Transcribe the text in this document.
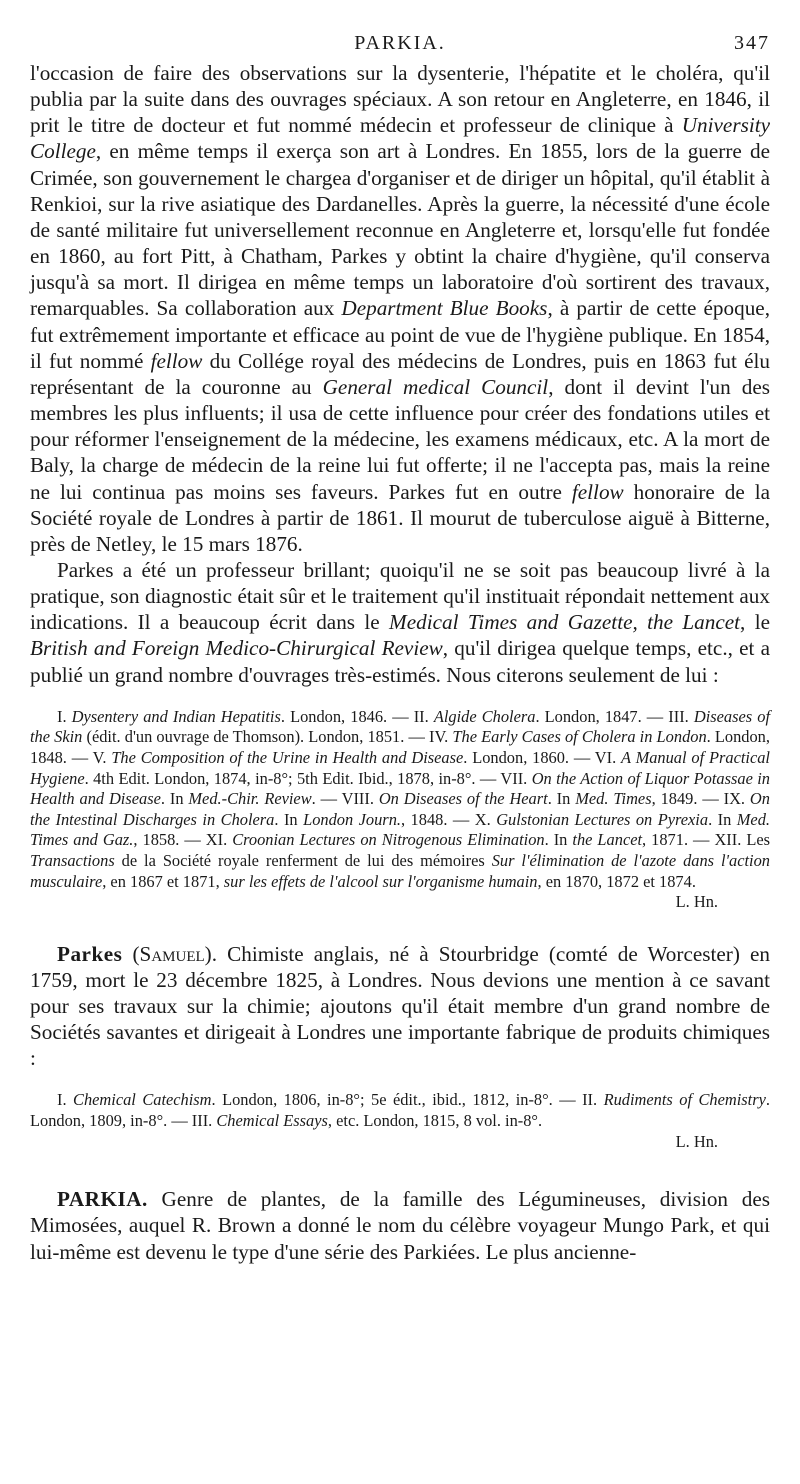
PARKIA.	347

l'occasion de faire des observations sur la dysenterie, l'hépatite et le choléra, qu'il publia par la suite dans des ouvrages spéciaux. A son retour en Angleterre, en 1846, il prit le titre de docteur et fut nommé médecin et professeur de clinique à University College, en même temps il exerça son art à Londres. En 1855, lors de la guerre de Crimée, son gouvernement le chargea d'organiser et de diriger un hôpital, qu'il établit à Renkioi, sur la rive asiatique des Dardanelles. Après la guerre, la nécessité d'une école de santé militaire fut universellement reconnue en Angleterre et, lorsqu'elle fut fondée en 1860, au fort Pitt, à Chatham, Parkes y obtint la chaire d'hygiène, qu'il conserva jusqu'à sa mort. Il dirigea en même temps un laboratoire d'où sortirent des travaux, remarquables. Sa collaboration aux Department Blue Books, à partir de cette époque, fut extrêmement importante et efficace au point de vue de l'hygiène publique. En 1854, il fut nommé fellow du Collége royal des médecins de Londres, puis en 1863 fut élu représentant de la couronne au General medical Council, dont il devint l'un des membres les plus influents; il usa de cette influence pour créer des fondations utiles et pour réformer l'enseignement de la médecine, les examens médicaux, etc. A la mort de Baly, la charge de médecin de la reine lui fut offerte; il ne l'accepta pas, mais la reine ne lui continua pas moins ses faveurs. Parkes fut en outre fellow honoraire de la Société royale de Londres à partir de 1861. Il mourut de tuberculose aiguë à Bitterne, près de Netley, le 15 mars 1876.

Parkes a été un professeur brillant; quoiqu'il ne se soit pas beaucoup livré à la pratique, son diagnostic était sûr et le traitement qu'il instituait répondait nettement aux indications. Il a beaucoup écrit dans le Medical Times and Gazette, the Lancet, le British and Foreign Medico-Chirurgical Review, qu'il dirigea quelque temps, etc., et a publié un grand nombre d'ouvrages très-estimés. Nous citerons seulement de lui :

I. Dysentery and Indian Hepatitis. London, 1846. — II. Algide Cholera. London, 1847. — III. Diseases of the Skin (édit. d'un ouvrage de Thomson). London, 1851. — IV. The Early Cases of Cholera in London. London, 1848. — V. The Composition of the Urine in Health and Disease. London, 1860. — VI. A Manual of Practical Hygiene. 4th Edit. London, 1874, in-8°; 5th Edit. Ibid., 1878, in-8°. — VII. On the Action of Liquor Potassae in Health and Disease. In Med.-Chir. Review. — VIII. On Diseases of the Heart. In Med. Times, 1849. — IX. On the Intestinal Discharges in Cholera. In London Journ., 1848. — X. Gulstonian Lectures on Pyrexia. In Med. Times and Gaz., 1858. — XI. Croonian Lectures on Nitrogenous Elimination. In the Lancet, 1871. — XII. Les Transactions de la Société royale renferment de lui des mémoires Sur l'élimination de l'azote dans l'action musculaire, en 1867 et 1871, sur les effets de l'alcool sur l'organisme humain, en 1870, 1872 et 1874.

L. Hn.

Parkes (Samuel). Chimiste anglais, né à Stourbridge (comté de Worcester) en 1759, mort le 23 décembre 1825, à Londres. Nous devions une mention à ce savant pour ses travaux sur la chimie; ajoutons qu'il était membre d'un grand nombre de Sociétés savantes et dirigeait à Londres une importante fabrique de produits chimiques :

I. Chemical Catechism. London, 1806, in-8°; 5e édit., ibid., 1812, in-8°. — II. Rudiments of Chemistry. London, 1809, in-8°. — III. Chemical Essays, etc. London, 1815, 8 vol. in-8°.

L. Hn.

PARKIA. Genre de plantes, de la famille des Légumineuses, division des Mimosées, auquel R. Brown a donné le nom du célèbre voyageur Mungo Park, et qui lui-même est devenu le type d'une série des Parkiées. Le plus ancienne-
